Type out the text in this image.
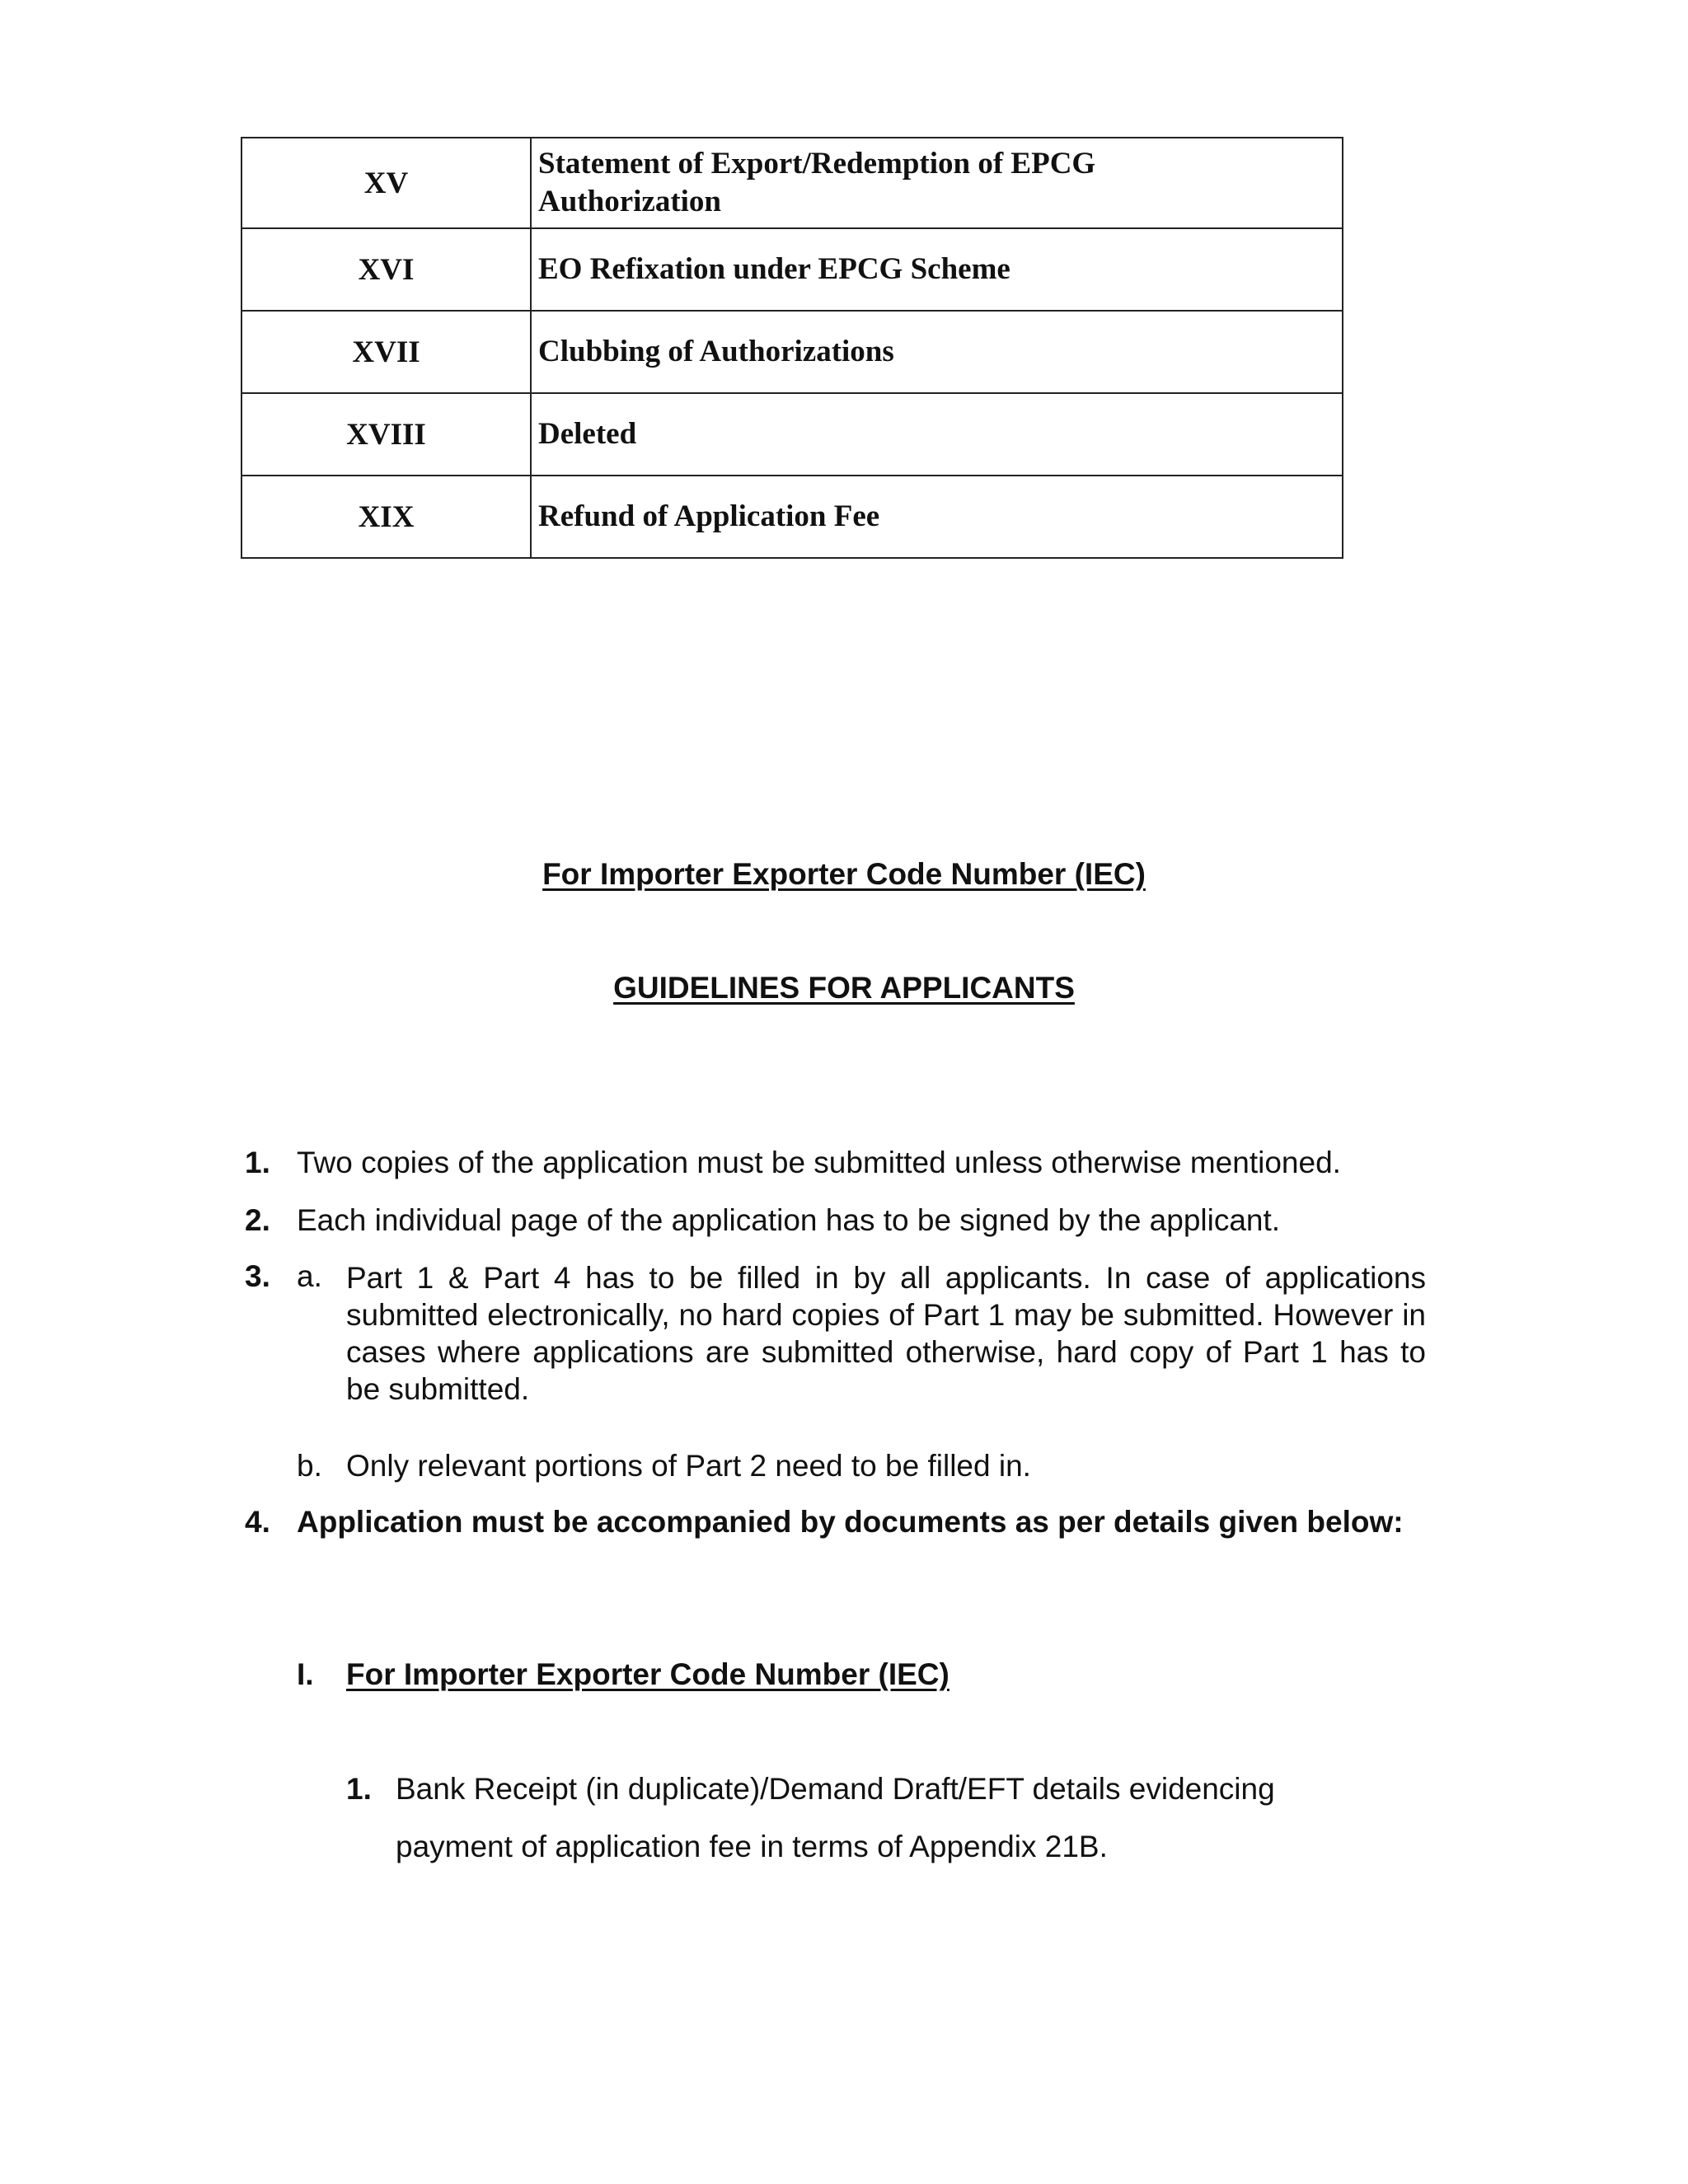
XV	Statement of Export/Redemption of EPCG
Authorization

XVI	EO Refixation under EPCG Scheme
XVII	Clubbing of Authorizations
XVIII	Deleted
XIX	Refund of Application Fee
For Importer Exporter Code Number (IEC)
GUIDELINES FOR APPLICANTS
1. Two copies of the application must be submitted unless otherwise mentioned.
2. Each individual page of the application has to be signed by the applicant.
3. a. Part 1 & Part 4 has to be filled in by all applicants. In case of applications submitted electronically, no hard copies of Part 1 may be submitted. However in cases where applications are submitted otherwise, hard copy of Part 1 has to be submitted.
b. Only relevant portions of Part 2 need to be filled in.
4. Application must be accompanied by documents as per details given below:
I. For Importer Exporter Code Number (IEC)
1. Bank Receipt (in duplicate)/Demand Draft/EFT details evidencing payment of application fee in terms of Appendix 21B.
